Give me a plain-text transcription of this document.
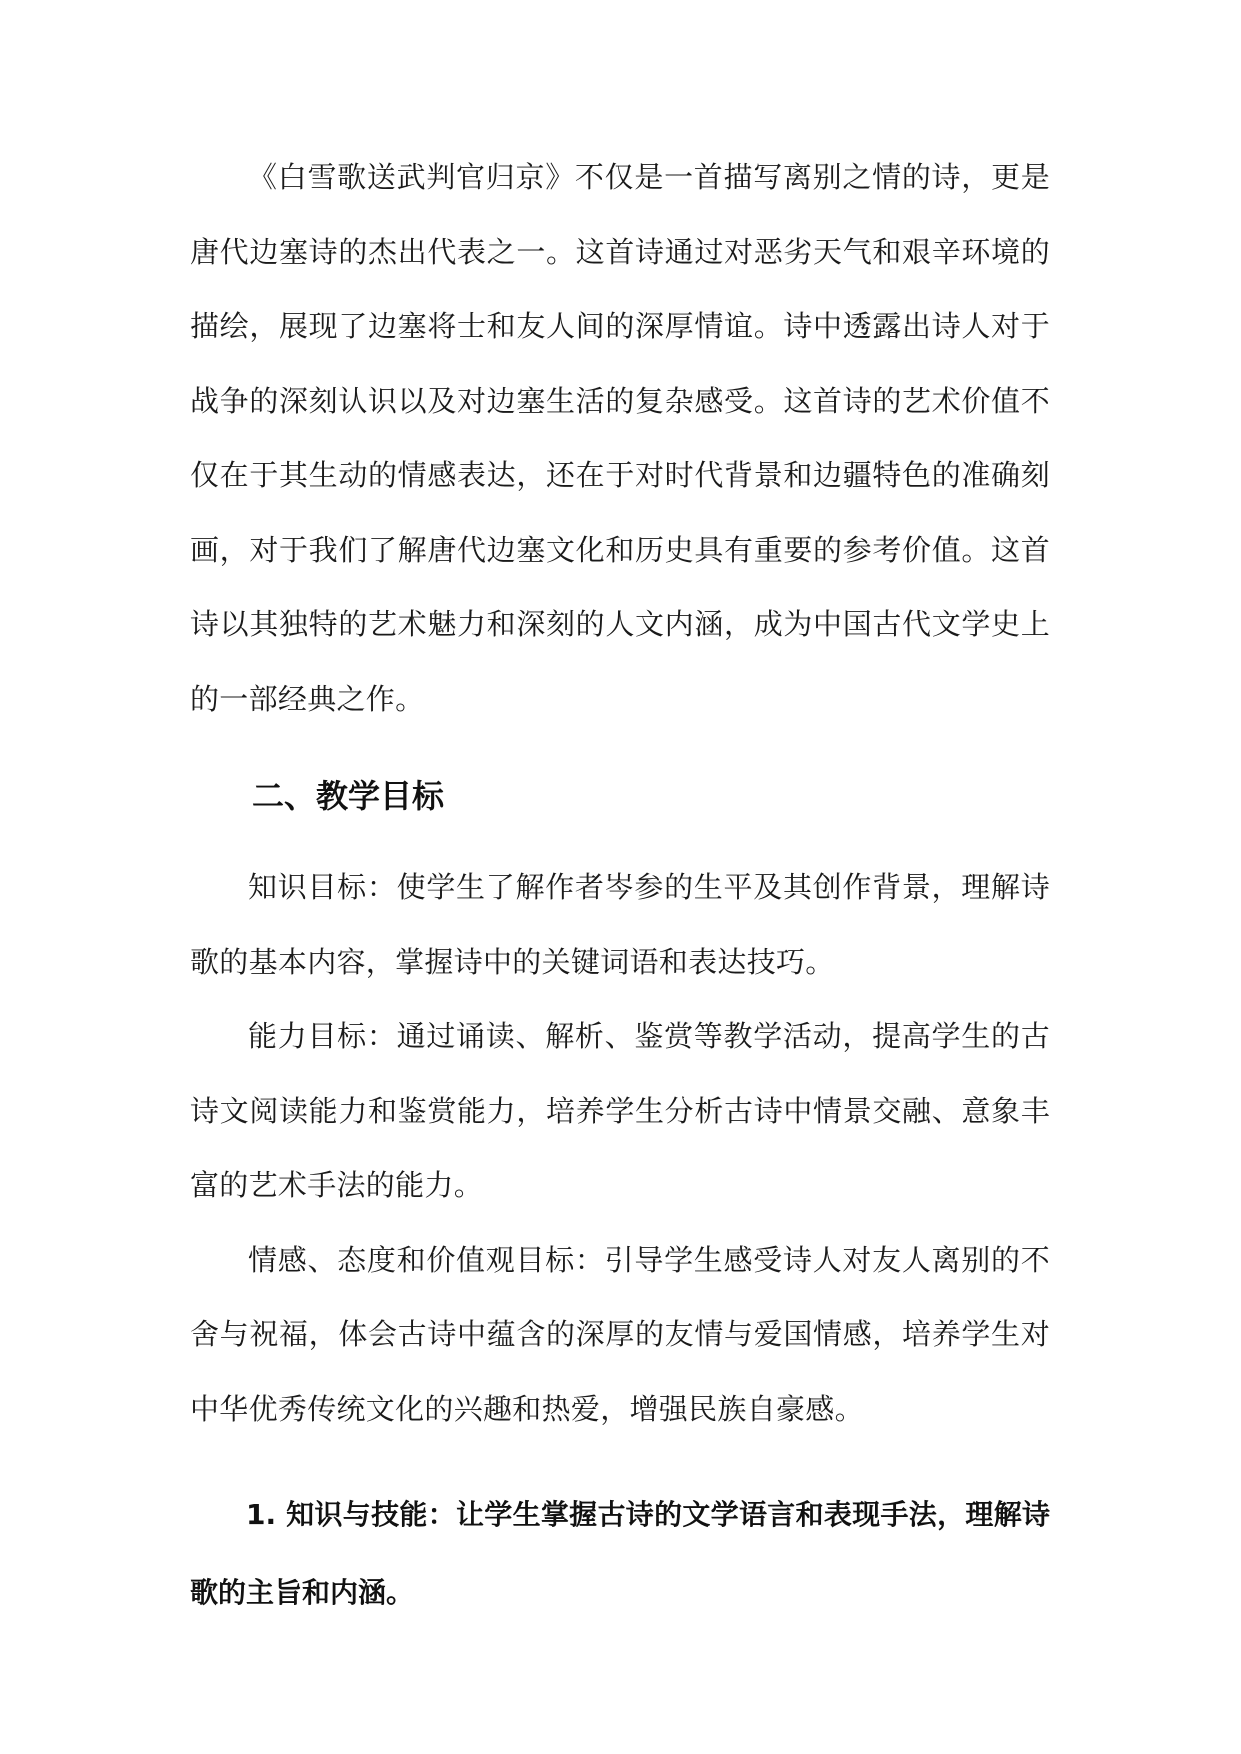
《白雪歌送武判官归京》不仅是一首描写离别之情的诗，更是唐代边塞诗的杰出代表之一。这首诗通过对恶劣天气和艰辛环境的描绘，展现了边塞将士和友人间的深厚情谊。诗中透露出诗人对于战争的深刻认识以及对边塞生活的复杂感受。这首诗的艺术价值不仅在于其生动的情感表达，还在于对时代背景和边疆特色的准确刻画，对于我们了解唐代边塞文化和历史具有重要的参考价值。这首诗以其独特的艺术魅力和深刻的人文内涵，成为中国古代文学史上的一部经典之作。

二、教学目标

知识目标：使学生了解作者岑参的生平及其创作背景，理解诗歌的基本内容，掌握诗中的关键词语和表达技巧。

能力目标：通过诵读、解析、鉴赏等教学活动，提高学生的古诗文阅读能力和鉴赏能力，培养学生分析古诗中情景交融、意象丰富的艺术手法的能力。

情感、态度和价值观目标：引导学生感受诗人对友人离别的不舍与祝福，体会古诗中蕴含的深厚的友情与爱国情感，培养学生对中华优秀传统文化的兴趣和热爱，增强民族自豪感。

1. 知识与技能：让学生掌握古诗的文学语言和表现手法，理解诗歌的主旨和内涵。
